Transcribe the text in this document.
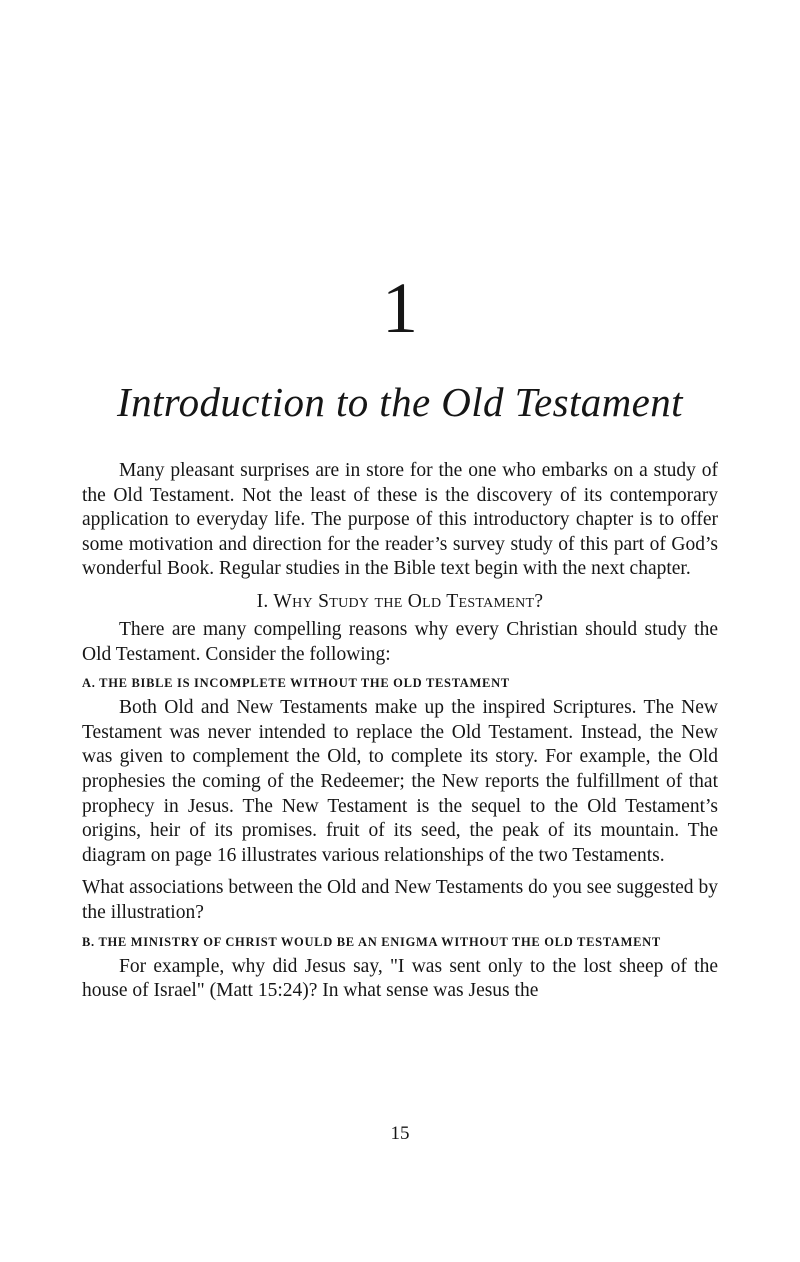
1
Introduction to the Old Testament

Many pleasant surprises are in store for the one who embarks on a study of the Old Testament. Not the least of these is the discovery of its contemporary application to everyday life. The purpose of this introductory chapter is to offer some motivation and direction for the reader’s survey study of this part of God’s wonderful Book. Regular studies in the Bible text begin with the next chapter.

I. Why Study the Old Testament?

There are many compelling reasons why every Christian should study the Old Testament. Consider the following:

A. THE BIBLE IS INCOMPLETE WITHOUT THE OLD TESTAMENT

Both Old and New Testaments make up the inspired Scriptures. The New Testament was never intended to replace the Old Testament. Instead, the New was given to complement the Old, to complete its story. For example, the Old prophesies the coming of the Redeemer; the New reports the fulfillment of that prophecy in Jesus. The New Testament is the sequel to the Old Testament’s origins, heir of its promises. fruit of its seed, the peak of its mountain. The diagram on page 16 illustrates various relationships of the two Testaments.

What associations between the Old and New Testaments do you see suggested by the illustration?

B. THE MINISTRY OF CHRIST WOULD BE AN ENIGMA WITHOUT THE OLD TESTAMENT

For example, why did Jesus say, "I was sent only to the lost sheep of the house of Israel" (Matt 15:24)? In what sense was Jesus the

15
